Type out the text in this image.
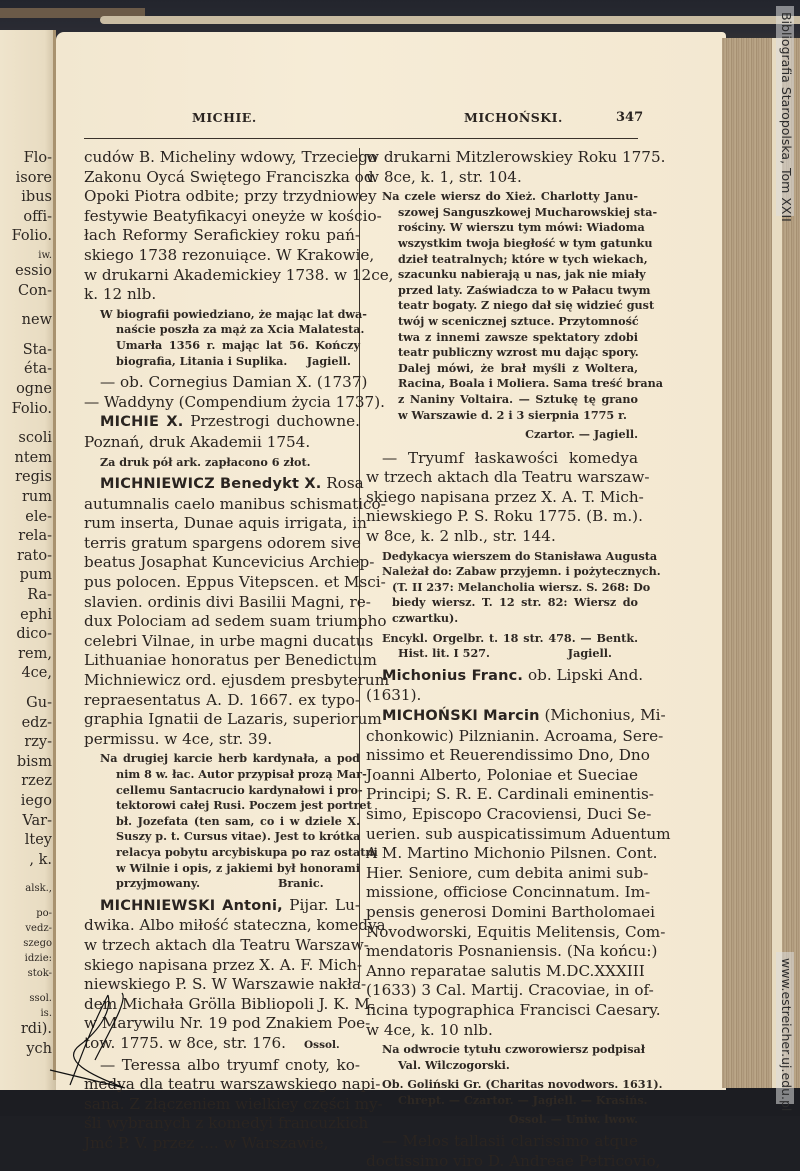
Flo-
isore
ibus
offi-
Folio.
iw.
essio
Con-
new
Sta-
éta-
ogne
Folio.
scoli
ntem
regis
rum
ele-
rela-
rato-
pum
Ra-
ephi
dico-
rem,
4ce,
Gu-
edz-
rzy-
bism
rzez
iego
Var-
ltey
, k.
alsk.,
po-
vedz-
szego
idzie:
stok-
ssol.
is.
rdi).
ych
MICHIE.	MICHOŃSKI.	347
cudów B. Micheliny wdowy, Trzeciego
Zakonu Oycá Swiętego Franciszka od
Opoki Piotra odbite; przy trzydniowey
festywie Beatyfikacyi oneyże w kościo-
łach Reformy Serafickiey roku pań-
skiego 1738 rezonuiące. W Krakowie,
w drukarni Akademickiey 1738. w 12ce,
k. 12 nlb.
W biografii powiedziano, że mając lat dwa-
naście poszła za mąż za Xcia Malatesta.
Umarła 1356 r. mając lat 56. Kończy
biografia, Litania i Suplika.     Jagiell.
— ob. Cornegius Damian X. (1737)
— Waddyny (Compendium życia 1737).
MICHIE X. Przestrogi duchowne.
Poznań, druk Akademii 1754.
Za druk pół ark. zapłacono 6 złot.
MICHNIEWICZ Benedykt X. Rosa
autumnalis caelo manibus schismatico-
rum inserta, Dunae aquis irrigata, in
terris gratum spargens odorem sive
beatus Josaphat Kuncevicius Archiep-
pus polocen. Eppus Vitepscen. et Msci-
slavien. ordinis divi Basilii Magni, re-
dux Polociam ad sedem suam triumpho
celebri Vilnae, in urbe magni ducatus
Lithuaniae honoratus per Benedictum
Michniewicz ord. ejusdem presbyterum
repraesentatus A. D. 1667. ex typo-
graphia Ignatii de Lazaris, superiorum
permissu. w 4ce, str. 39.
Na drugiej karcie herb kardynała, a pod
nim 8 w. łac. Autor przypisał prozą Mar-
cellemu Santacrucio kardynałowi i pro-
tektorowi całej Rusi. Poczem jest portret
bł. Jozefata (ten sam, co i w dziele X.
Suszy p. t. Cursus vitae). Jest to krótka
relacya pobytu arcybiskupa po raz ostatni
w Wilnie i opis, z jakiemi był honorami
przyjmowany.                    Branic.
MICHNIEWSKI Antoni, Pijar. Lu-
dwika. Albo miłość stateczna, komedya
w trzech aktach dla Teatru Warszaw-
skiego napisana przez X. A. F. Mich-
niewskiego P. S. W Warszawie nakła-
dem Michała Grölla Bibliopoli J. K. M.
w Marywilu Nr. 19 pod Znakiem Poe-
tow. 1775. w 8ce, str. 176. Ossol.
— Teressa albo tryumf cnoty, ko-
medya dla teatru warszawskiego napi-
sana. Z złączeniem wielkiey części my-
śli wybranych z komedyi francuzkich
Jmć P. V. przez .... w Warszawie,
w drukarni Mitzlerowskiey Roku 1775.
w 8ce, k. 1, str. 104.
Na czele wiersz do Xież. Charlotty Janu-
szowej Sanguszkowej Mucharowskiej sta-
rościny. W wierszu tym mówi: Wiadoma
wszystkim twoja biegłość w tym gatunku
dzieł teatralnych; które w tych wiekach,
szacunku nabierają u nas, jak nie miały
przed laty. Zaświadcza to w Pałacu twym
teatr bogaty. Z niego dał się widzieć gust
twój w scenicznej sztuce. Przytomność
twa z innemi zawsze spektatory zdobi
teatr publiczny wzrost mu dając spory.
Dalej mówi, że brał myśli z Woltera,
Racina, Boala i Moliera. Sama treść brana
z Naniny Voltaira. — Sztukę tę grano
w Warszawie d. 2 i 3 sierpnia 1775 r.
Czartor. — Jagiell.
— Tryumf łaskawości komedya
w trzech aktach dla Teatru warszaw-
skiego napisana przez X. A. T. Mich-
niewskiego P. S. Roku 1775. (B. m.).
w 8ce, k. 2 nlb., str. 144.
Dedykacya wierszem do Stanisława Augusta
Należał do: Zabaw przyjemn. i pożytecznych.
(T. II 237: Melancholia wiersz. S. 268: Do
biedy wiersz. T. 12 str. 82: Wiersz do
czwartku).
Encykl. Orgelbr. t. 18 str. 478. — Bentk.
Hist. lit. I 527.                    Jagiell.
Michonius Franc. ob. Lipski And.
(1631).
MICHOŃSKI Marcin (Michonius, Mi-
chonkowic) Pilznianin. Acroama, Sere-
nissimo et Reuerendissimo Dno, Dno
Joanni Alberto, Poloniae et Sueciae
Principi; S. R. E. Cardinali eminentis-
simo, Episcopo Cracoviensi, Duci Se-
uerien. sub auspicatissimum Aduentum
A M. Martino Michonio Pilsnen. Cont.
Hier. Seniore, cum debita animi sub-
missione, officiose Concinnatum. Im-
pensis generosi Domini Bartholomaei
Novodworski, Equitis Melitensis, Com-
mendatoris Posnaniensis. (Na końcu:)
Anno reparatae salutis M.DC.XXXIII
(1633) 3 Cal. Martij. Cracoviae, in of-
ficina typographica Francisci Caesary.
w 4ce, k. 10 nlb.
Na odwrocie tytułu czworowiersz podpisał
Val. Wilczogorski.
Ob. Goliński Gr. (Charitas novodwors. 1631).
Chrept. — Czartor. — Jagiell. — Krasińs.
Ossol. — Uniw. lwow.
— Melos tallasii clarissimo atque
doctissimo viro D. Andreae Petricovio,
Bibliografia Staropolska, Tom XXII
www.estreicher.uj.edu.pl
